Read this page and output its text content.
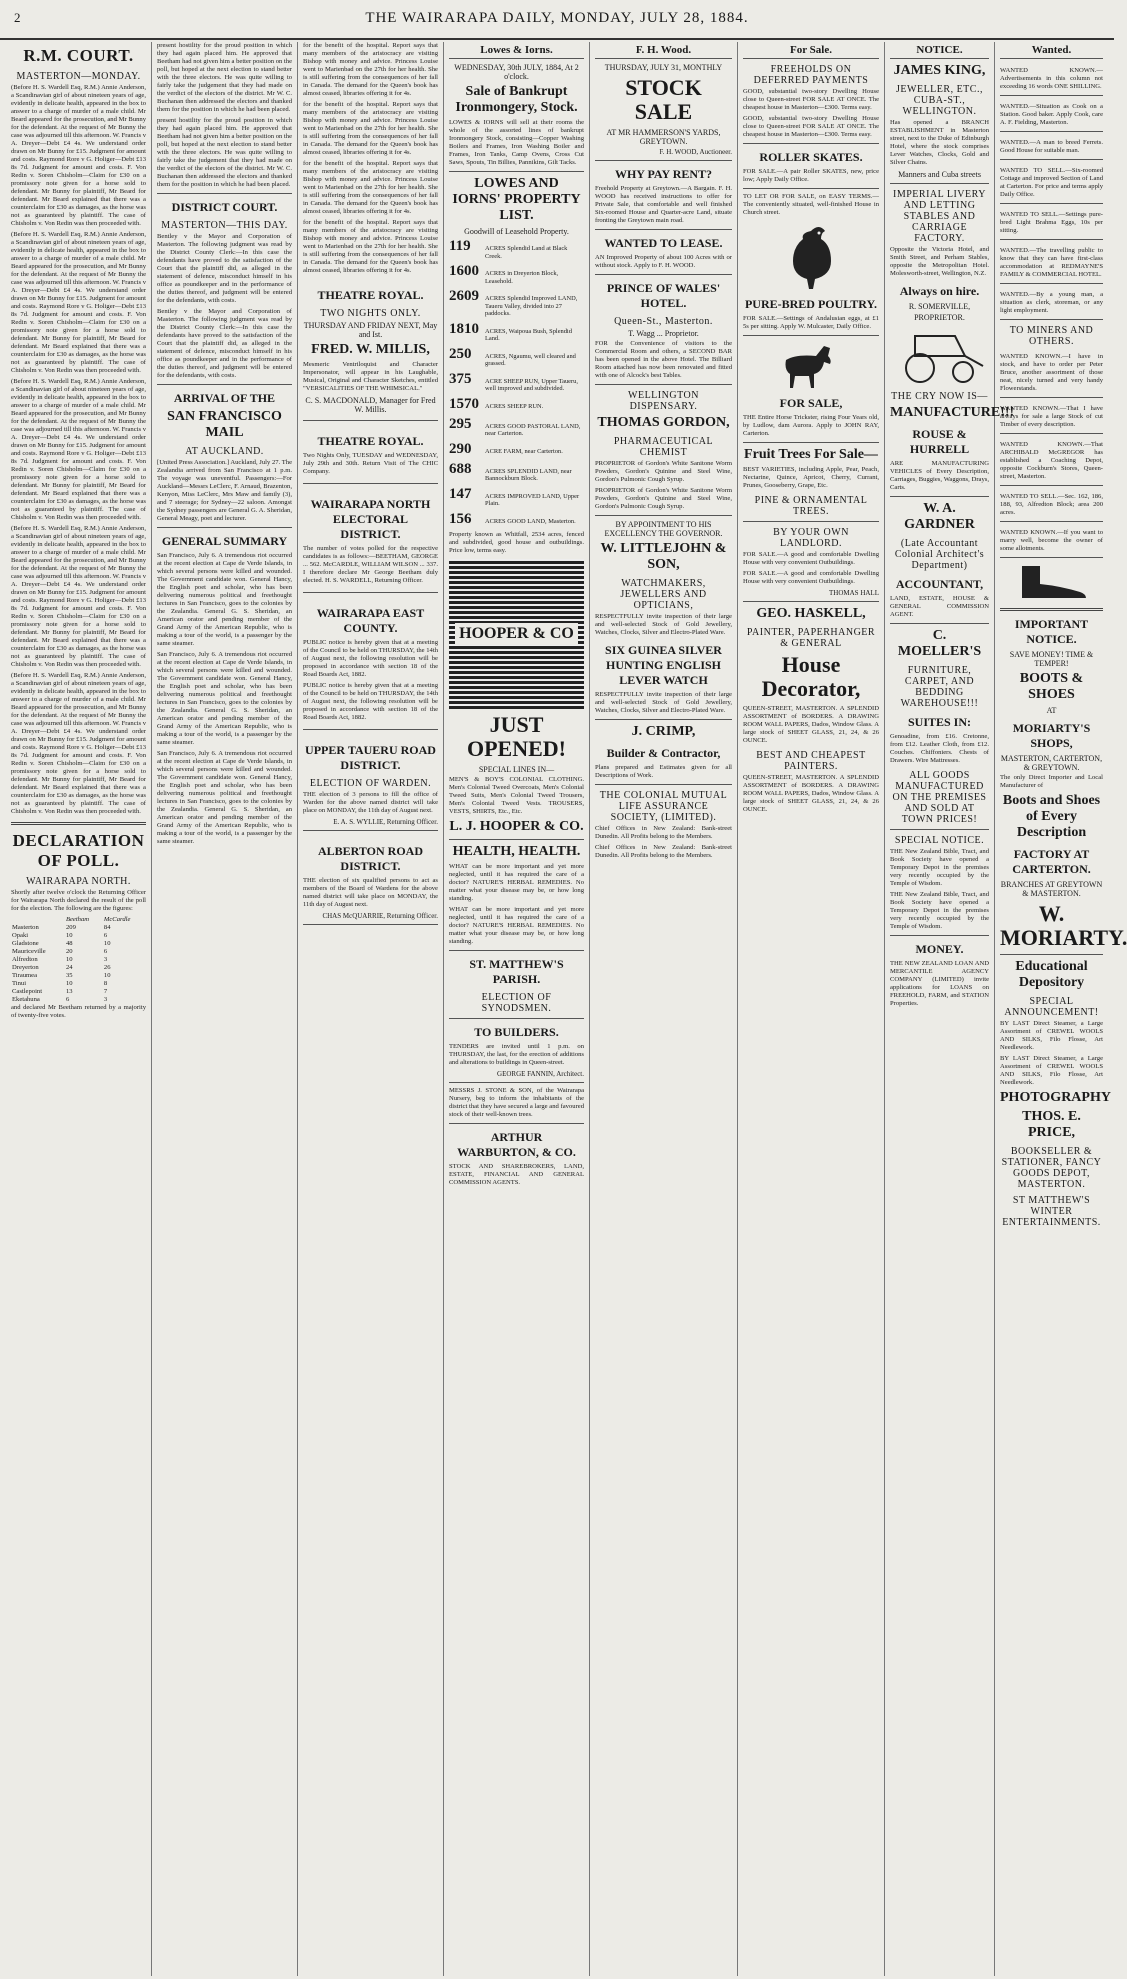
2	THE WAIRARAPA DAILY, MONDAY, JULY 28, 1884.
R.M. COURT.
MASTERTON—MONDAY.

(Before H. S. Wardell Esq, R.M.) Annie Anderson, a Scandinavian girl of about nineteen years of age, evidently in delicate health, appeared in the box to answer to a charge of murder of a male child. Mr Beard appeared for the prosecution, and Mr Bunny for the defendant. At the request of Mr Bunny the case was adjourned till this afternoon. W. Francis v A. Dreyer—Debt £4 4s. We understand order drawn on Mr Bunny for £15. Judgment for amount and costs. Raymond Rore v G. Holiger—Debt £13 8s 7d. Judgment for amount and costs. F. Von Redin v. Soren Chisholm—Claim for £30 on a promissory note given for a horse sold to defendant. Mr Bunny for plaintiff, Mr Beard for defendant. Mr Beard explained that there was a counterclaim for £30 as damages, as the horse was not as guaranteed by plaintiff. The case of Chisholm v. Von Redin was then proceeded with.

(Before H. S. Wardell Esq, R.M.) Annie Anderson, a Scandinavian girl of about nineteen years of age, evidently in delicate health, appeared in the box to answer to a charge of murder of a male child. Mr Beard appeared for the prosecution, and Mr Bunny for the defendant. At the request of Mr Bunny the case was adjourned till this afternoon. W. Francis v A. Dreyer—Debt £4 4s. We understand order drawn on Mr Bunny for £15. Judgment for amount and costs. Raymond Rore v G. Holiger—Debt £13 8s 7d. Judgment for amount and costs. F. Von Redin v. Soren Chisholm—Claim for £30 on a promissory note given for a horse sold to defendant. Mr Bunny for plaintiff, Mr Beard for defendant. Mr Beard explained that there was a counterclaim for £30 as damages, as the horse was not as guaranteed by plaintiff. The case of Chisholm v. Von Redin was then proceeded with.

(Before H. S. Wardell Esq, R.M.) Annie Anderson, a Scandinavian girl of about nineteen years of age, evidently in delicate health, appeared in the box to answer to a charge of murder of a male child. Mr Beard appeared for the prosecution, and Mr Bunny for the defendant. At the request of Mr Bunny the case was adjourned till this afternoon. W. Francis v A. Dreyer—Debt £4 4s. We understand order drawn on Mr Bunny for £15. Judgment for amount and costs. Raymond Rore v G. Holiger—Debt £13 8s 7d. Judgment for amount and costs. F. Von Redin v. Soren Chisholm—Claim for £30 on a promissory note given for a horse sold to defendant. Mr Bunny for plaintiff, Mr Beard for defendant. Mr Beard explained that there was a counterclaim for £30 as damages, as the horse was not as guaranteed by plaintiff. The case of Chisholm v. Von Redin was then proceeded with.

(Before H. S. Wardell Esq, R.M.) Annie Anderson, a Scandinavian girl of about nineteen years of age, evidently in delicate health, appeared in the box to answer to a charge of murder of a male child. Mr Beard appeared for the prosecution, and Mr Bunny for the defendant. At the request of Mr Bunny the case was adjourned till this afternoon. W. Francis v A. Dreyer—Debt £4 4s. We understand order drawn on Mr Bunny for £15. Judgment for amount and costs. Raymond Rore v G. Holiger—Debt £13 8s 7d. Judgment for amount and costs. F. Von Redin v. Soren Chisholm—Claim for £30 on a promissory note given for a horse sold to defendant. Mr Bunny for plaintiff, Mr Beard for defendant. Mr Beard explained that there was a counterclaim for £30 as damages, as the horse was not as guaranteed by plaintiff. The case of Chisholm v. Von Redin was then proceeded with.

(Before H. S. Wardell Esq, R.M.) Annie Anderson, a Scandinavian girl of about nineteen years of age, evidently in delicate health, appeared in the box to answer to a charge of murder of a male child. Mr Beard appeared for the prosecution, and Mr Bunny for the defendant. At the request of Mr Bunny the case was adjourned till this afternoon. W. Francis v A. Dreyer—Debt £4 4s. We understand order drawn on Mr Bunny for £15. Judgment for amount and costs. Raymond Rore v G. Holiger—Debt £13 8s 7d. Judgment for amount and costs. F. Von Redin v. Soren Chisholm—Claim for £30 on a promissory note given for a horse sold to defendant. Mr Bunny for plaintiff, Mr Beard for defendant. Mr Beard explained that there was a counterclaim for £30 as damages, as the horse was not as guaranteed by plaintiff. The case of Chisholm v. Von Redin was then proceeded with.

DECLARATION OF POLL.
WAIRARAPA NORTH.

Shortly after twelve o'clock the Returning Officer for Wairarapa North declared the result of the poll for the election. The following are the figures:

	Beetham	McCardle
Masterton	209	84
Opaki	10	6
Gladstone	48	10
Mauriceville	20	6
Alfredton	10	3
Dreyerton	24	26
Tiraumea	35	10
Tinui	10	8
Castlepoint	13	7
Eketahuna	6	3

and declared Mr Beetham returned by a majority of twenty-five votes.

present hostility for the proud position in which they had again placed him. He approved that Beetham had not given him a better position on the poll, but hoped at the next election to stand better with the three electors. He was quite willing to fairly take the judgement that they had made on the verdict of the electors of the district. Mr W. C. Buchanan then addressed the electors and thanked them for the position in which he had been placed.

present hostility for the proud position in which they had again placed him. He approved that Beetham had not given him a better position on the poll, but hoped at the next election to stand better with the three electors. He was quite willing to fairly take the judgement that they had made on the verdict of the electors of the district. Mr W. C. Buchanan then addressed the electors and thanked them for the position in which he had been placed.

DISTRICT COURT.
MASTERTON—THIS DAY.

Bentley v the Mayor and Corporation of Masterton. The following judgment was read by the District County Clerk:—In this case the defendants have proved to the satisfaction of the Court that the plaintiff did, as alleged in the statement of defence, misconduct himself in his office as poundkeeper and in the performance of the duties thereof, and judgment will be entered for the defendants, with costs.

Bentley v the Mayor and Corporation of Masterton. The following judgment was read by the District County Clerk:—In this case the defendants have proved to the satisfaction of the Court that the plaintiff did, as alleged in the statement of defence, misconduct himself in his office as poundkeeper and in the performance of the duties thereof, and judgment will be entered for the defendants, with costs.

ARRIVAL OF THE
SAN FRANCISCO MAIL
AT AUCKLAND.

[United Press Association.] Auckland, July 27. The Zealandia arrived from San Francisco at 1 p.m. The voyage was uneventful. Passengers:—For Auckland—Messrs LeClerc, F. Arnaud, Brazenton, Kenyon, Miss LeClerc, Mrs Maw and family (3), and 7 steerage; for Sydney—22 saloon. Amongst the Sydney passengers are General G. A. Sheridan, General Meagy, poet and lecturer.

GENERAL SUMMARY

San Francisco, July 6. A tremendous riot occurred at the recent election at Cape de Verde Islands, in which several persons were killed and wounded. The Government candidate won. General Hancy, the English poet and scholar, who has been delivering numerous political and freethought lectures in San Francisco, goes to the colonies by the Zealandia. General G. S. Sheridan, an American orator and pending member of the Grand Army of the American Republic, who is making a tour of the world, is a passenger by the same steamer.

San Francisco, July 6. A tremendous riot occurred at the recent election at Cape de Verde Islands, in which several persons were killed and wounded. The Government candidate won. General Hancy, the English poet and scholar, who has been delivering numerous political and freethought lectures in San Francisco, goes to the colonies by the Zealandia. General G. S. Sheridan, an American orator and pending member of the Grand Army of the American Republic, who is making a tour of the world, is a passenger by the same steamer.

San Francisco, July 6. A tremendous riot occurred at the recent election at Cape de Verde Islands, in which several persons were killed and wounded. The Government candidate won. General Hancy, the English poet and scholar, who has been delivering numerous political and freethought lectures in San Francisco, goes to the colonies by the Zealandia. General G. S. Sheridan, an American orator and pending member of the Grand Army of the American Republic, who is making a tour of the world, is a passenger by the same steamer.

for the benefit of the hospital. Report says that many members of the aristocracy are visiting Bishop with money and advice. Princess Louise went to Marienbad on the 27th for her health. She is still suffering from the consequences of her fall in Canada. The demand for the Queen's book has almost ceased, libraries offering it for 4s.

for the benefit of the hospital. Report says that many members of the aristocracy are visiting Bishop with money and advice. Princess Louise went to Marienbad on the 27th for her health. She is still suffering from the consequences of her fall in Canada. The demand for the Queen's book has almost ceased, libraries offering it for 4s.

for the benefit of the hospital. Report says that many members of the aristocracy are visiting Bishop with money and advice. Princess Louise went to Marienbad on the 27th for her health. She is still suffering from the consequences of her fall in Canada. The demand for the Queen's book has almost ceased, libraries offering it for 4s.

for the benefit of the hospital. Report says that many members of the aristocracy are visiting Bishop with money and advice. Princess Louise went to Marienbad on the 27th for her health. She is still suffering from the consequences of her fall in Canada. The demand for the Queen's book has almost ceased, libraries offering it for 4s.

THEATRE ROYAL.
TWO NIGHTS ONLY.
THURSDAY AND FRIDAY NEXT, May and Ist.
FRED. W. MILLIS,

Mesmeric Ventriloquist and Character Impersonator, will appear in his Laughable, Musical, Original and Character Sketches, entitled "VERSICALITIES OF THE WHIMSICAL."

C. S. MACDONALD, Manager for Fred W. Millis.
THEATRE ROYAL.

Two Nights Only, TUESDAY and WEDNESDAY, July 29th and 30th. Return Visit of The CHIC Company.

WAIRARAPA NORTH ELECTORAL DISTRICT.

The number of votes polled for the respective candidates is as follows:—BEETHAM, GEORGE ... 562. McCARDLE, WILLIAM WILSON ... 337. I therefore declare Mr George Beetham duly elected. H. S. WARDELL, Returning Officer.

WAIRARAPA EAST COUNTY.

PUBLIC notice is hereby given that at a meeting of the Council to be held on THURSDAY, the 14th of August next, the following resolution will be proposed in accordance with section 18 of the Road Boards Act, 1882.

PUBLIC notice is hereby given that at a meeting of the Council to be held on THURSDAY, the 14th of August next, the following resolution will be proposed in accordance with section 18 of the Road Boards Act, 1882.

UPPER TAUERU ROAD DISTRICT.
ELECTION OF WARDEN.

THE election of 3 persons to fill the office of Warden for the above named district will take place on MONDAY, the 11th day of August next.

E. A. S. WYLLIE, Returning Officer.
ALBERTON ROAD DISTRICT.

THE election of six qualified persons to act as members of the Board of Wardens for the above named district will take place on MONDAY, the 11th day of August next.

CHAS McQUARRIE, Returning Officer.
Lowes & Iorns.
WEDNESDAY, 30th JULY, 1884, At 2 o'clock.
Sale of Bankrupt Ironmongery, Stock.

LOWES & IORNS will sell at their rooms the whole of the assorted lines of bankrupt Ironmongery Stock, consisting—Copper Washing Boilers and Frames, Iron Washing Boiler and Frames, Iron Tanks, Camp Ovens, Cross Cut Saws, Spouts, Tin Billies, Pannikins, Gilt Tacks.

LOWES AND IORNS' PROPERTY LIST.
Goodwill of Leasehold Property.
119	ACRES Splendid Land at Black Creek.
1600 ACRES in Dreyerton Block, Leasehold.
2609 ACRES Splendid Improved LAND, Taueru Valley, divided into 27 paddocks.
1810 ACRES, Waipoua Bush, Splendid Land.
250	ACRES, Ngaumu, well cleared and grassed.
375	ACRE SHEEP RUN, Upper Taueru, well improved and subdivided.
1570 ACRES SHEEP RUN.
295	ACRES GOOD PASTORAL LAND, near Carterton.
290	ACRE FARM, near Carterton.
688	ACRES SPLENDID LAND, near Bannockburn Block.
147	ACRES IMPROVED LAND, Upper Plain.
156	ACRES GOOD LAND, Masterton.

Property known as Whitfall, 2534 acres, fenced and subdivided, good house and outbuildings. Price low, terms easy.

HOOPER & CO
JUST OPENED!
SPECIAL LINES IN—

MEN'S & BOY'S COLONIAL CLOTHING. Men's Colonial Tweed Overcoats, Men's Colonial Tweed Suits, Men's Colonial Tweed Trousers, Men's Colonial Tweed Vests. TROUSERS, VESTS, SHIRTS, Etc., Etc.

L. J. HOOPER & CO.
HEALTH, HEALTH.

WHAT can be more important and yet more neglected, until it has required the care of a doctor? NATURE'S HERBAL REMEDIES. No matter what your disease may be, or how long standing.

WHAT can be more important and yet more neglected, until it has required the care of a doctor? NATURE'S HERBAL REMEDIES. No matter what your disease may be, or how long standing.

ST. MATTHEW'S PARISH.
ELECTION OF SYNODSMEN.
TO BUILDERS.

TENDERS are invited until 1 p.m. on THURSDAY, the last, for the erection of additions and alterations to buildings in Queen-street.

GEORGE FANNIN, Architect.

MESSRS J. STONE & SON, of the Wairarapa Nursery, beg to inform the inhabitants of the district that they have secured a large and favoured stock of their well-known trees.

ARTHUR WARBURTON, & CO.

STOCK AND SHAREBROKERS, LAND, ESTATE, FINANCIAL AND GENERAL COMMISSION AGENTS.

F. H. Wood.
THURSDAY, JULY 31, MONTHLY
STOCK SALE
AT MR HAMMERSON'S YARDS, GREYTOWN.
F. H. WOOD, Auctioneer.
WHY PAY RENT?

Freehold Property at Greytown.—A Bargain. F. H. WOOD has received instructions to offer for Private Sale, that comfortable and well finished Six-roomed House and Quarter-acre Land, situate fronting the Greytown main road.

WANTED TO LEASE.

AN Improved Property of about 100 Acres with or without stock. Apply to F. H. WOOD.

PRINCE OF WALES' HOTEL.
Queen-St., Masterton.
T. Wagg ... Proprietor.

FOR the Convenience of visitors to the Commercial Room and others, a SECOND BAR has been opened in the above Hotel. The Billiard Room attached has now been renovated and fitted with one of Alcock's best Tables.

WELLINGTON DISPENSARY.
THOMAS GORDON,
PHARMACEUTICAL CHEMIST

PROPRIETOR of Gordon's White Sanitone Worm Powders, Gordon's Quinine and Steel Wine, Gordon's Pulmonic Cough Syrup.

PROPRIETOR of Gordon's White Sanitone Worm Powders, Gordon's Quinine and Steel Wine, Gordon's Pulmonic Cough Syrup.

BY APPOINTMENT TO HIS EXCELLENCY THE GOVERNOR.
W. LITTLEJOHN & SON,
WATCHMAKERS, JEWELLERS AND OPTICIANS,

RESPECTFULLY invite inspection of their large and well-selected Stock of Gold Jewellery, Watches, Clocks, Silver and Electro-Plated Ware.

SIX GUINEA SILVER HUNTING ENGLISH LEVER WATCH

RESPECTFULLY invite inspection of their large and well-selected Stock of Gold Jewellery, Watches, Clocks, Silver and Electro-Plated Ware.

J. CRIMP,
Builder & Contractor,

Plans prepared and Estimates given for all Descriptions of Work.

THE COLONIAL MUTUAL LIFE ASSURANCE SOCIETY, (LIMITED).

Chief Offices in New Zealand: Bank-street Dunedin. All Profits belong to the Members.

Chief Offices in New Zealand: Bank-street Dunedin. All Profits belong to the Members.

For Sale.
FREEHOLDS ON DEFERRED PAYMENTS

GOOD, substantial two-story Dwelling House close to Queen-street FOR SALE AT ONCE. The cheapest house in Masterton—£300. Terms easy.

GOOD, substantial two-story Dwelling House close to Queen-street FOR SALE AT ONCE. The cheapest house in Masterton—£300. Terms easy.

ROLLER SKATES.

FOR SALE.—A pair Roller SKATES, new, price low; Apply Daily Office.

TO LET OR FOR SALE, on EASY TERMS.—The conveniently situated, well-finished House in Church street.

PURE-BRED POULTRY.

FOR SALE.—Settings of Andalusian eggs, at £1 5s per sitting. Apply W. Mulcaster, Daily Office.

FOR SALE,

THE Entire Horse Trickster, rising Four Years old, by Ludlow, dam Aurora. Apply to JOHN RAY, Carterton.

Fruit Trees For Sale—

BEST VARIETIES, including Apple, Pear, Peach, Nectarine, Quince, Apricot, Cherry, Currant, Prunes, Gooseberry, Grape, Etc.

PINE & ORNAMENTAL TREES.
BY YOUR OWN LANDLORD.

FOR SALE.—A good and comfortable Dwelling House with very convenient Outbuildings.

FOR SALE.—A good and comfortable Dwelling House with very convenient Outbuildings.

THOMAS HALL
GEO. HASKELL,
PAINTER, PAPERHANGER & GENERAL
House Decorator,

QUEEN-STREET, MASTERTON. A SPLENDID ASSORTMENT of BORDERS. A DRAWING ROOM WALL PAPERS, Dados, Window Glass. A large stock of SHEET GLASS, 21, 24, & 26 OUNCE.

BEST AND CHEAPEST PAINTERS.

QUEEN-STREET, MASTERTON. A SPLENDID ASSORTMENT of BORDERS. A DRAWING ROOM WALL PAPERS, Dados, Window Glass. A large stock of SHEET GLASS, 21, 24, & 26 OUNCE.

NOTICE.
JAMES KING,
JEWELLER, ETC., CUBA-ST., WELLINGTON.

Has opened a BRANCH ESTABLISHMENT in Masterton street, next to the Duke of Edinburgh Hotel, where the stock comprises Lever Watches, Clocks, Gold and Silver Chains.

Manners and Cuba streets
IMPERIAL LIVERY AND LETTING STABLES AND CARRIAGE FACTORY.

Opposite the Victoria Hotel, and Smith Street, and Perham Stables, opposite the Metropolitan Hotel. Molesworth-street, Wellington, N.Z.

Always on hire.
R. SOMERVILLE,
PROPRIETOR.
THE CRY NOW IS—
MANUFACTURE!!!
ROUSE & HURRELL

ARE MANUFACTURING VEHICLES of Every Description, Carriages, Buggies, Waggons, Drays, Carts.

W. A. GARDNER
(Late Accountant Colonial Architect's Department)
ACCOUNTANT,

LAND, ESTATE, HOUSE & GENERAL COMMISSION AGENT.

C. MOELLER'S
FURNITURE, CARPET, AND BEDDING WAREHOUSE!!!
SUITES IN:

Genoadine, from £16. Cretonne, from £12. Leather Cloth, from £12. Couches. Chiffoniers. Chests of Drawers. Wire Mattresses.

ALL GOODS MANUFACTURED ON THE PREMISES AND SOLD AT TOWN PRICES!
SPECIAL NOTICE.

THE New Zealand Bible, Tract, and Book Society have opened a Temporary Depot in the premises very recently occupied by the Temple of Wisdom.

THE New Zealand Bible, Tract, and Book Society have opened a Temporary Depot in the premises very recently occupied by the Temple of Wisdom.

MONEY.

THE NEW ZEALAND LOAN AND MERCANTILE AGENCY COMPANY (LIMITED) invite applications for LOANS on FREEHOLD, FARM, and STATION Properties.

Wanted.

WANTED KNOWN.—Advertisements in this column not exceeding 16 words ONE SHILLING.

WANTED.—Situation as Cook on a Station. Good baker. Apply Cook, care A. F. Fielding, Masterton.

WANTED.—A man to breed Ferrets. Good House for suitable man.

WANTED TO SELL.—Six-roomed Cottage and improved Section of Land at Carterton. For price and terms apply Daily Office.

WANTED TO SELL.—Settings pure-bred Light Brahma Eggs, 10s per sitting.

WANTED.—The travelling public to know that they can have first-class accommodation at REDMAYNE'S FAMILY & COMMERCIAL HOTEL.

WANTED.—By a young man, a situation as clerk, storeman, or any light employment.

TO MINERS AND OTHERS.

WANTED KNOWN.—I have in stock, and have to order per Peter Bruce, another assortment of those neat, nicely turned and very handy Flowerstands.

WANTED KNOWN.—That I have always for sale a large Stock of cut Timber of every description.

WANTED KNOWN.—That ARCHIBALD McGREGOR has established a Coaching Depot, opposite Cockburn's Stores, Queen-street, Masterton.

WANTED TO SELL.—Sec. 162, 186, 188, 93, Alfredton Block; area 200 acres.

WANTED KNOWN.—If you want to marry well, become the owner of some allotments.

IMPORTANT NOTICE.
SAVE MONEY! TIME & TEMPER!
BOOTS & SHOES
AT
MORIARTY'S SHOPS,
MASTERTON, CARTERTON, & GREYTOWN.

The only Direct Importer and Local Manufacturer of

Boots and Shoes of Every Description
FACTORY AT CARTERTON.
BRANCHES AT GREYTOWN & MASTERTON.
W. MORIARTY.
Educational Depository
SPECIAL ANNOUNCEMENT!

BY LAST Direct Steamer, a Large Assortment of CREWEL WOOLS AND SILKS, Filo Flosse, Art Needlework.

BY LAST Direct Steamer, a Large Assortment of CREWEL WOOLS AND SILKS, Filo Flosse, Art Needlework.

PHOTOGRAPHY
THOS. E. PRICE,
BOOKSELLER & STATIONER, FANCY GOODS DEPOT, MASTERTON.
ST MATTHEW'S WINTER ENTERTAINMENTS.
